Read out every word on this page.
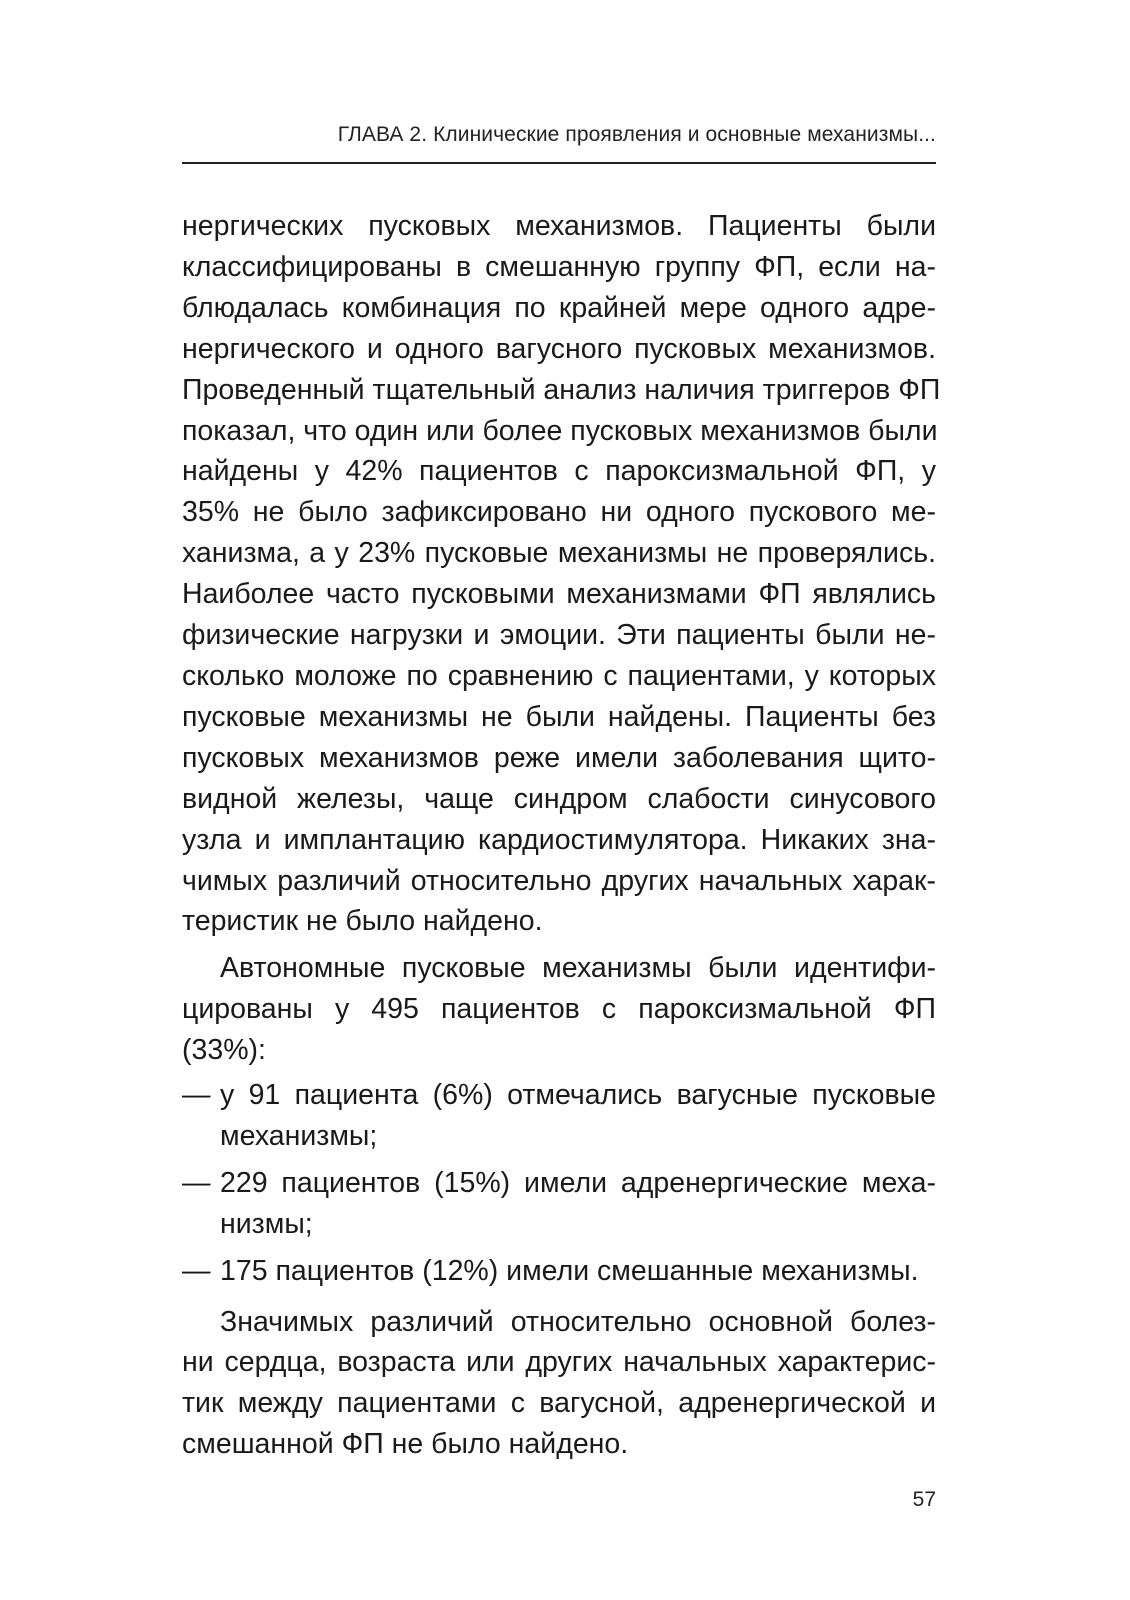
ГЛАВА 2. Клинические проявления и основные механизмы...

нергических пусковых механизмов. Пациенты были
классифицированы в смешанную группу ФП, если на-
блюдалась комбинация по крайней мере одного адре-
нергического и одного вагусного пусковых механизмов.
Проведенный тщательный анализ наличия триггеров ФП
показал, что один или более пусковых механизмов были
найдены у 42% пациентов с пароксизмальной ФП, у
35% не было зафиксировано ни одного пускового ме-
ханизма, а у 23% пусковые механизмы не проверялись.
Наиболее часто пусковыми механизмами ФП являлись
физические нагрузки и эмоции. Эти пациенты были не-
сколько моложе по сравнению с пациентами, у которых
пусковые механизмы не были найдены. Пациенты без
пусковых механизмов реже имели заболевания щито-
видной железы, чаще синдром слабости синусового
узла и имплантацию кардиостимулятора. Никаких зна-
чимых различий относительно других начальных харак-
теристик не было найдено.

Автономные пусковые механизмы были идентифи-
цированы у 495 пациентов с пароксизмальной ФП
(33%):

— у 91 пациента (6%) отмечались вагусные пусковые
механизмы;
— 229 пациентов (15%) имели адренергические меха-
низмы;
— 175 пациентов (12%) имели смешанные механизмы.

Значимых различий относительно основной болез-
ни сердца, возраста или других начальных характерис-
тик между пациентами с вагусной, адренергической и
смешанной ФП не было найдено.

57
